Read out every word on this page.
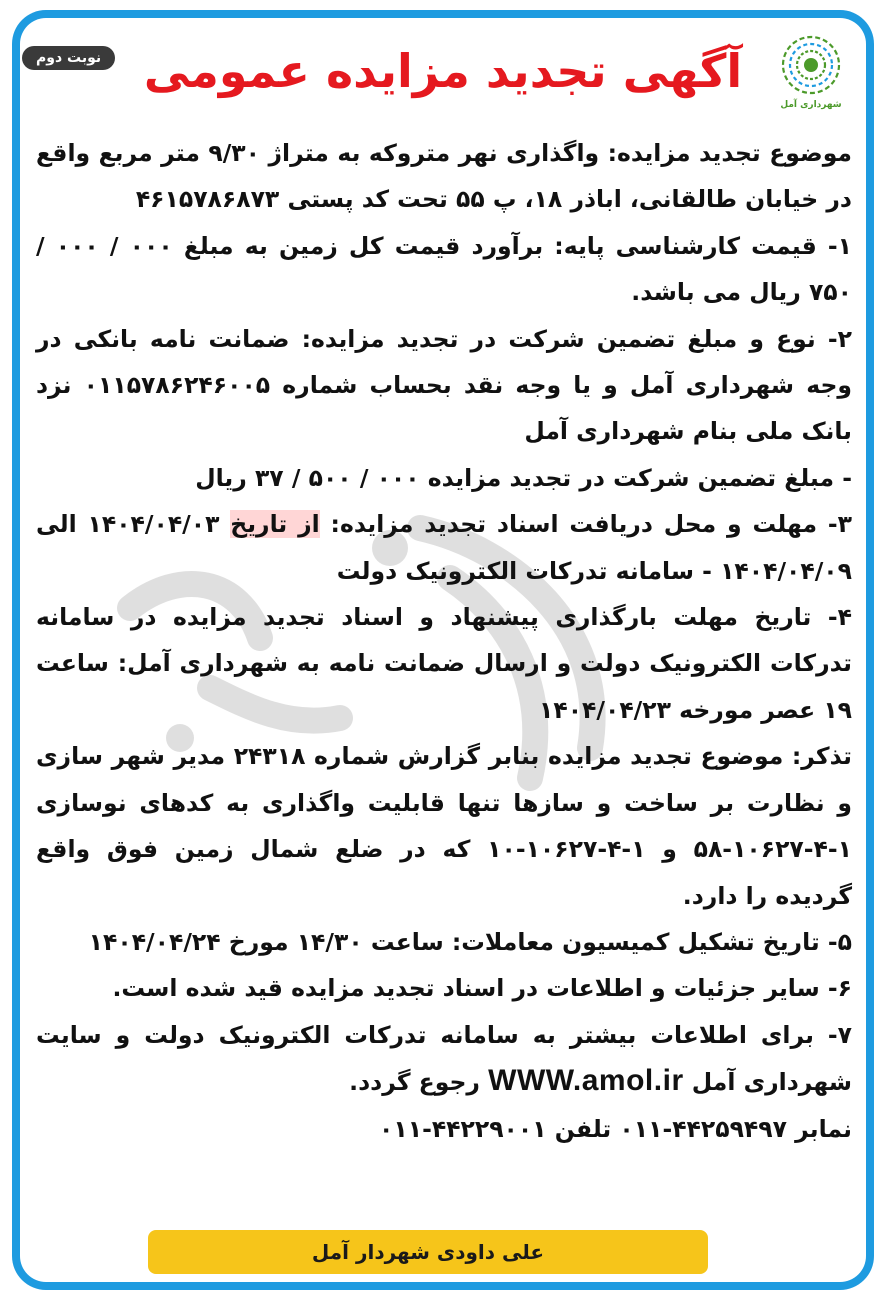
نوبت دوم آگهی تجدید مزایده عمومی
شهرداری آمل

موضوع تجدید مزایده: واگذاری نهر متروکه به متراژ ۹/۳۰ متر مربع واقع در خیابان طالقانی، اباذر ۱۸، پ ۵۵ تحت کد پستی ۴۶۱۵۷۸۶۸۷۳

۱- قیمت کارشناسی پایه: برآورد قیمت کل زمین به مبلغ ۰۰۰ / ۰۰۰ / ۷۵۰ ریال می باشد.

۲- نوع و مبلغ تضمین شرکت در تجدید مزایده: ضمانت نامه بانکی در وجه شهرداری آمل و یا وجه نقد بحساب شماره ۰۱۱۵۷۸۶۲۴۶۰۰۵ نزد بانک ملی بنام شهرداری آمل

- مبلغ تضمین شرکت در تجدید مزایده ۰۰۰ / ۵۰۰ / ۳۷ ریال

۳- مهلت و محل دریافت اسناد تجدید مزایده: از تاریخ ۱۴۰۴/۰۴/۰۳ الی ۱۴۰۴/۰۴/۰۹ - سامانه تدرکات الکترونیک دولت

۴- تاریخ مهلت بارگذاری پیشنهاد و اسناد تجدید مزایده در سامانه تدرکات الکترونیک دولت و ارسال ضمانت نامه به شهرداری آمل: ساعت ۱۹ عصر مورخه ۱۴۰۴/۰۴/۲۳

تذکر: موضوع تجدید مزایده بنابر گزارش شماره ۲۴۳۱۸ مدیر شهر سازی و نظارت بر ساخت و سازها تنها قابلیت واگذاری به کدهای نوسازی ۱-۴-۱۰۶۲۷-۵۸ و ۱-۴-۱۰۶۲۷-۱۰ که در ضلع شمال زمین فوق واقع گردیده را دارد.

۵- تاریخ تشکیل کمیسیون معاملات: ساعت ۱۴/۳۰ مورخ ۱۴۰۴/۰۴/۲۴

۶- سایر جزئیات و اطلاعات در اسناد تجدید مزایده قید شده است.

۷- برای اطلاعات بیشتر به سامانه تدرکات الکترونیک دولت و سایت شهرداری آمل WWW.amol.ir رجوع گردد.

نمابر ۴۴۲۵۹۴۹۷-۰۱۱ تلفن ۴۴۲۲۹۰۰۱-۰۱۱

علی داودی شهردار آمل
